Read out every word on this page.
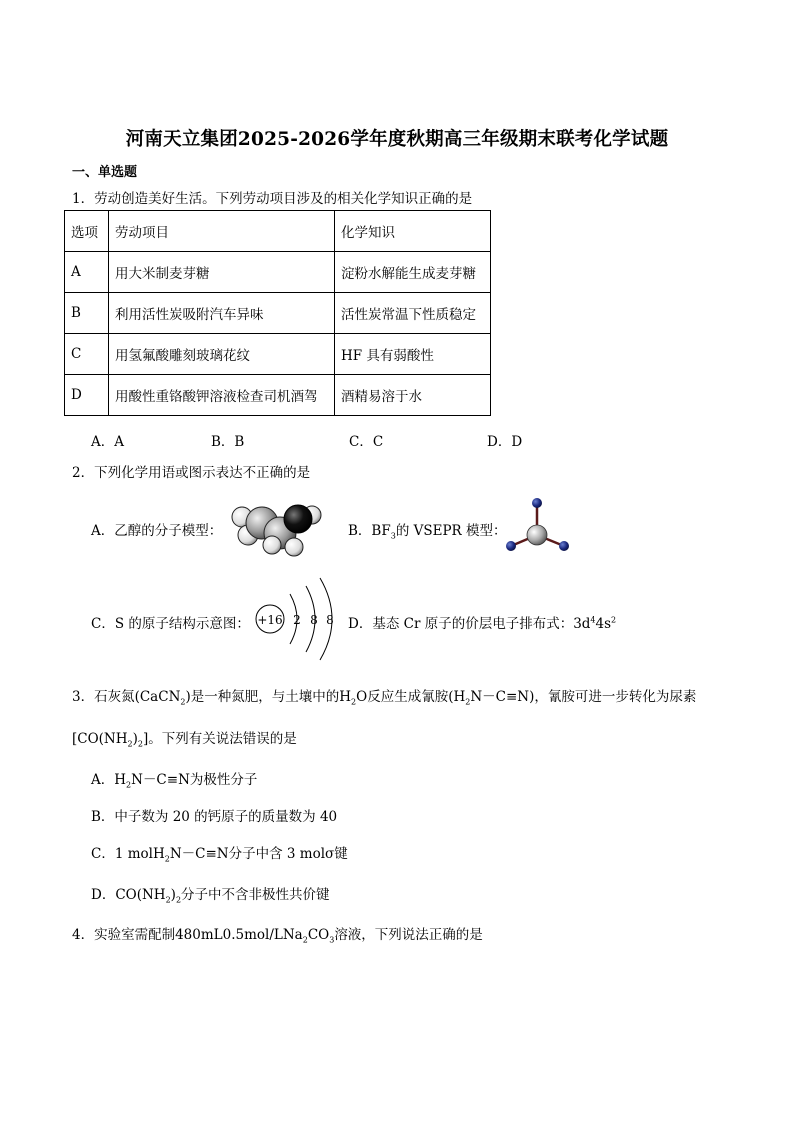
河南天立集团2025-2026学年度秋期高三年级期末联考化学试题
一、单选题
1．劳动创造美好生活。下列劳动项目涉及的相关化学知识正确的是
选项	劳动项目	化学知识
A	用大米制麦芽糖	淀粉水解能生成麦芽糖
B	利用活性炭吸附汽车异味	活性炭常温下性质稳定
C	用氢氟酸雕刻玻璃花纹	HF 具有弱酸性
D	用酸性重铬酸钾溶液检查司机酒驾	酒精易溶于水
A．A	B．B	C．C	D．D
2．下列化学用语或图示表达不正确的是
A．乙醇的分子模型：	B．$BF_3$的 VSEPR 模型：
C．S 的原子结构示意图： +16 2 8 8 D．基态 Cr 原子的价层电子排布式：$3d^44s^2$
3．石灰氮(CaCN$_2$)是一种氮肥，与土壤中的$H_2O$反应生成氰胺$(H_2N-C\equiv N)$，氰胺可进一步转化为尿素
$[CO(NH_2)_2]$。下列有关说法错误的是
A．$H_2N-C\equiv N$为极性分子
B．中子数为 20 的钙原子的质量数为 40
C．1 molH$_2$N－C≡N分子中含 3 molσ键
D．$CO(NH_2)_2$分子中不含非极性共价键
4．实验室需配制$480mL0.5mol/LNa_2CO_3$溶液，下列说法正确的是
